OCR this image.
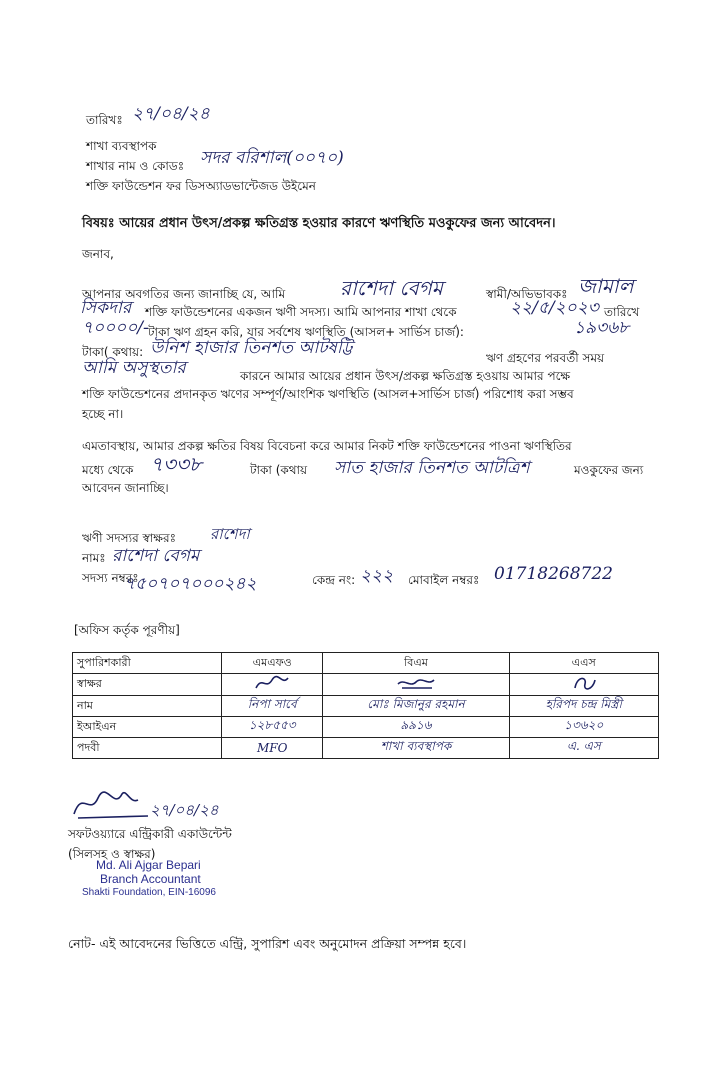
তারিখঃ ২৭/০৪/২৪
শাখা ব্যবস্থাপক
শাখার নাম ও কোডঃ সদর বরিশাল(০০৭০)
শক্তি ফাউন্ডেশন ফর ডিসঅ্যাডভান্টেজড উইমেন
বিষয়ঃ আয়ের প্রধান উৎস/প্রকল্প ক্ষতিগ্রস্ত হওয়ার কারণে ঋণস্থিতি মওকুফের জন্য আবেদন।
জনাব,
আপনার অবগতির জন্য জানাচ্ছি যে, আমি	রাশেদা বেগম	স্বামী/অভিভাবকঃ জামাল
সিকদার শক্তি ফাউন্ডেশনের একজন ঋণী সদস্য। আমি আপনার শাখা থেকে	২২/৫/২০২৩ তারিখে
৭০০০০/- টাকা ঋণ গ্রহন করি, যার সর্বশেষ ঋণস্থিতি (আসল+ সার্ভিস চার্জ):	১৯৩৬৮
টাকা( কথায়: উনিশ হাজার তিনশত আটষট্টি	ঋণ গ্রহণের পরবর্তী সময়
আমি অসুস্থতার	কারনে আমার আয়ের প্রধান উৎস/প্রকল্প ক্ষতিগ্রস্ত হওয়ায় আমার পক্ষে
শক্তি ফাউন্ডেশনের প্রদানকৃত ঋণের সম্পূর্ণ/আংশিক ঋণস্থিতি (আসল+সার্ভিস চার্জ) পরিশোধ করা সম্ভব
হচ্ছে না।
এমতাবস্থায়, আমার প্রকল্প ক্ষতির বিষয় বিবেচনা করে আমার নিকট শক্তি ফাউন্ডেশনের পাওনা ঋণস্থিতির
মধ্যে থেকে ৭৩৩৮	টাকা (কথায় সাত হাজার তিনশত আটত্রিশ	মওকুফের জন্য
আবেদন জানাচ্ছি।
ঋণী সদস্যর স্বাক্ষরঃ রাশেদা
নামঃ রাশেদা বেগম
সদস্য নম্বরঃ
৭৫০৭০৭০০০২৪২	কেন্দ্র নং: ২২২ মোবাইল নম্বরঃ 01718268722
[অফিস কর্তৃক পূরণীয়]
সুপারিশকারী	এমএফও	বিএম	এএস
স্বাক্ষর			
নাম	নিপা সার্বে	মোঃ মিজানুর রহমান	হরিপদ চন্দ্র মিস্ত্রী
ইআইএন	১২৮৫৫৩	৯৯১৬	১৩৬২০
পদবী	MFO	শাখা ব্যবস্থাপক	এ. এস
২৭/০৪/২৪
সফটওয়্যারে এন্ট্রিকারী একাউন্টেন্ট
(সিলসহ ও স্বাক্ষর)
Md. Ali Ajgar Bepari
Branch Accountant
Shakti Foundation, EIN-16096
নোট- এই আবেদনের ভিত্তিতে এন্ট্রি, সুপারিশ এবং অনুমোদন প্রক্রিয়া সম্পন্ন হবে।
